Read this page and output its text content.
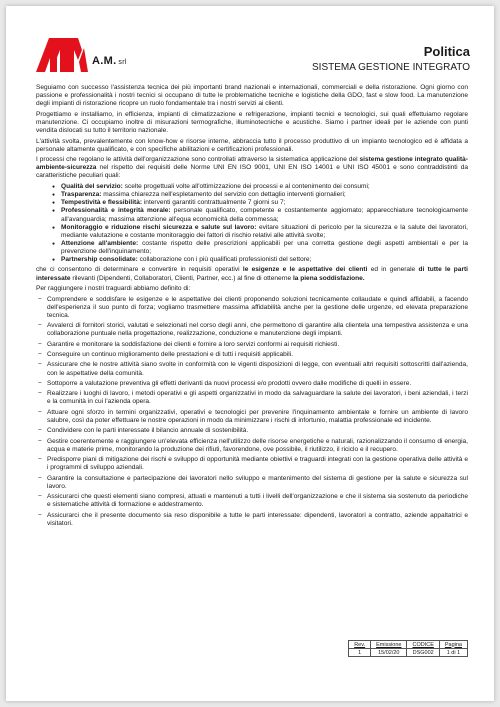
A.M. srl
Politica
SISTEMA GESTIONE INTEGRATO

Seguiamo con successo l'assistenza tecnica dei più importanti brand nazionali e internazionali, commerciali e della ristorazione. Ogni giorno con passione e professionalità i nostri tecnici si occupano di tutte le problematiche tecniche e logistiche della GDO, fast e slow food. La manutenzione degli impianti di ristorazione ricopre un ruolo fondamentale tra i nostri servizi ai clienti.

Progettiamo e installiamo, in efficienza, impianti di climatizzazione e refrigerazione, impianti tecnici e tecnologici, sui quali effettuiamo regolare manutenzione. Ci occupiamo inoltre di misurazioni termografiche, illuminotecniche e acustiche. Siamo i partner ideali per le aziende con punti vendita dislocati su tutto il territorio nazionale.

L'attività svolta, prevalentemente con know-how e risorse interne, abbraccia tutto il processo produttivo di un impianto tecnologico ed è affidata a personale altamente qualificato, e con specifiche abilitazioni e certificazioni professionali.

I processi che regolano le attività dell'organizzazione sono controllati attraverso la sistematica applicazione del sistema gestione integrato qualità-ambiente-sicurezza nel rispetto dei requisiti delle Norme UNI EN ISO 9001, UNI EN ISO 14001 e UNI ISO 45001 e sono contraddistinti da caratteristiche peculiari quali:

● Qualità del servizio: scelte progettuali volte all'ottimizzazione dei processi e al contenimento dei consumi;
● Trasparenza: massima chiarezza nell'espletamento del servizio con dettaglio interventi giornalieri;
● Tempestività e flessibilità: interventi garantiti contrattualmente 7 giorni su 7;
● Professionalità e integrità morale: personale qualificato, competente e costantemente aggiornato; apparecchiature tecnologicamente all'avanguardia; massima attenzione all'equa economicità della commessa;
● Monitoraggio e riduzione rischi sicurezza e salute sul lavoro: evitare situazioni di pericolo per la sicurezza e la salute dei lavoratori, mediante valutazione e costante monitoraggio dei fattori di rischio relativi alle attività svolte;
● Attenzione all'ambiente: costante rispetto delle prescrizioni applicabili per una corretta gestione degli aspetti ambientali e per la prevenzione dell'inquinamento;
● Partnership consolidate: collaborazione con i più qualificati professionisti del settore;

che ci consentono di determinare e convertire in requisiti operativi le esigenze e le aspettative dei clienti ed in generale di tutte le parti interessate rilevanti (Dipendenti, Collaboratori, Clienti, Partner, ecc.) al fine di ottenerne la piena soddisfazione.

Per raggiungere i nostri traguardi abbiamo definito di:

− Comprendere e soddisfare le esigenze e le aspettative dei clienti proponendo soluzioni tecnicamente collaudate e quindi affidabili, a facendo dell'esperienza il suo punto di forza; vogliamo trasmettere massima affidabilità anche per la gestione delle urgenze, ed elevata preparazione tecnica.
− Avvalerci di fornitori storici, valutati e selezionati nel corso degli anni, che permettono di garantire alla clientela una tempestiva assistenza e una collaborazione puntuale nella progettazione, realizzazione, conduzione e manutenzione degli impianti.
− Garantire e monitorare la soddisfazione dei clienti e fornire a loro servizi conformi ai requisiti richiesti.
− Conseguire un continuo miglioramento delle prestazioni e di tutti i requisiti applicabili.
− Assicurare che le nostre attività siano svolte in conformità con le vigenti disposizioni di legge, con eventuali altri requisiti sottoscritti dall'azienda, con le aspettative della comunità.
− Sottoporre a valutazione preventiva gli effetti derivanti da nuovi processi e/o prodotti ovvero dalle modifiche di quelli in essere.
− Realizzare i luoghi di lavoro, i metodi operativi e gli aspetti organizzativi in modo da salvaguardare la salute dei lavoratori, i beni aziendali, i terzi e la comunità in cui l'azienda opera.
− Attuare ogni sforzo in termini organizzativi, operativi e tecnologici per prevenire l'inquinamento ambientale e fornire un ambiente di lavoro salubre, così da poter effettuare le nostre operazioni in modo da minimizzare i rischi di infortunio, malattia professionale ed incidente.
− Condividere con le parti interessate il bilancio annuale di sostenibilità.
− Gestire coerentemente e raggiungere un'elevata efficienza nell'utilizzo delle risorse energetiche e naturali, razionalizzando il consumo di energia, acqua e materie prime, monitorando la produzione dei rifiuti, favorendone, ove possibile, il riutilizzo, il riciclo e il recupero.
− Predisporre piani di mitigazione dei rischi e sviluppo di opportunità mediante obiettivi e traguardi integrati con la gestione operativa delle attività e i programmi di sviluppo aziendali.
− Garantire la consultazione e partecipazione dei lavoratori nello sviluppo e mantenimento del sistema di gestione per la salute e sicurezza sul lavoro.
− Assicurarci che questi elementi siano compresi, attuati e mantenuti a tutti i livelli dell'organizzazione e che il sistema sia sostenuto da periodiche e sistematiche attività di formazione e addestramento.
− Assicurarci che il presente documento sia reso disponibile a tutte le parti interessate: dipendenti, lavoratori a contratto, aziende appaltatrici e visitatori.
Rev.	Emissione	CODICE	Pagina
1	15/02/20	DSG002	1 di 1
